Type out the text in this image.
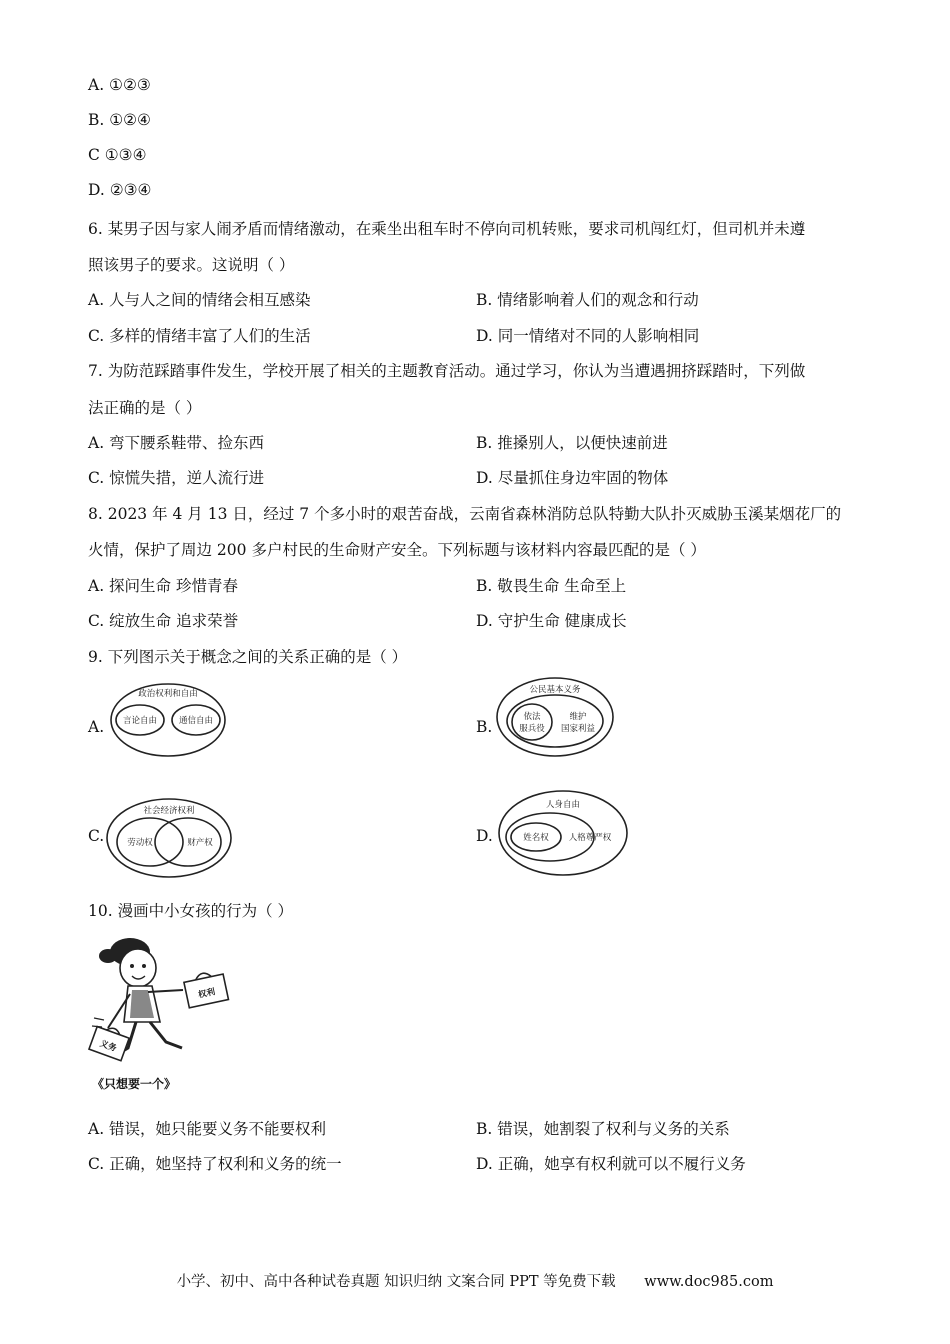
A. ①②③
B. ①②④
C ①③④
D. ②③④
6. 某男子因与家人闹矛盾而情绪激动，在乘坐出租车时不停向司机转账，要求司机闯红灯，但司机并未遵
照该男子的要求。这说明（ ）
A. 人与人之间的情绪会相互感染	B. 情绪影响着人们的观念和行动
C. 多样的情绪丰富了人们的生活	D. 同一情绪对不同的人影响相同
7. 为防范踩踏事件发生，学校开展了相关的主题教育活动。通过学习，你认为当遭遇拥挤踩踏时，下列做
法正确的是（ ）
A. 弯下腰系鞋带、捡东西	B. 推搡别人，以便快速前进
C. 惊慌失措，逆人流行进	D. 尽量抓住身边牢固的物体
8. 2023 年 4 月 13 日，经过 7 个多小时的艰苦奋战，云南省森林消防总队特勤大队扑灭威胁玉溪某烟花厂的
火情，保护了周边 200 多户村民的生命财产安全。下列标题与该材料内容最匹配的是（ ）
A. 探问生命 珍惜青春	B. 敬畏生命 生命至上
C. 绽放生命 追求荣誉	D. 守护生命 健康成长
9. 下列图示关于概念之间的关系正确的是（ ）
A.
政治权利和自由
言论自由	通信自由	B.
公民基本义务
依法
服兵役
维护
国家利益
C.
社会经济权利
劳动权	财产权	D.
人身自由
姓名权 人格尊严权
10. 漫画中小女孩的行为（ ）
权利
义务
《只想要一个》
A. 错误，她只能要义务不能要权利	B. 错误，她割裂了权利与义务的关系
C. 正确，她坚持了权利和义务的统一	D. 正确，她享有权利就可以不履行义务
小学、初中、高中各种试卷真题 知识归纳 文案合同 PPT 等免费下载 www.doc985.com
